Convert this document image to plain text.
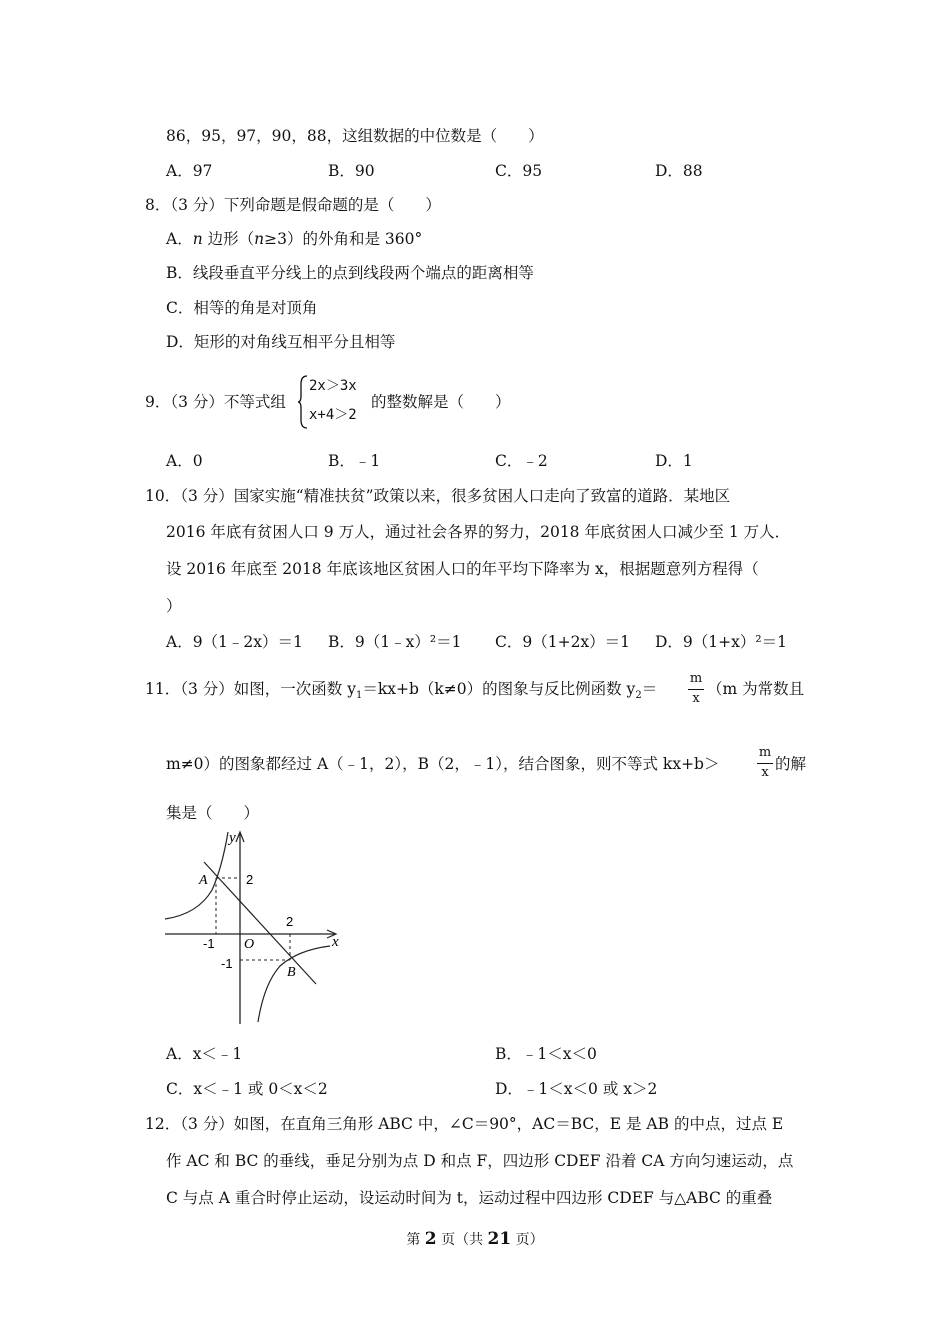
86，95，97，90，88，这组数据的中位数是（　　）
A．97	B．90	C．95	D．88
8．（3 分）下列命题是假命题的是（　　）
A．n 边形（n≥3）的外角和是 360°
B．线段垂直平分线上的点到线段两个端点的距离相等
C．相等的角是对顶角
D．矩形的对角线互相平分且相等
9．（3 分）不等式组
2x＞3x
x+4＞2
的整数解是（　　）
A．0	B．﹣1	C．﹣2	D．1
10．（3 分）国家实施“精准扶贫”政策以来，很多贫困人口走向了致富的道路．某地区
2016 年底有贫困人口 9 万人，通过社会各界的努力，2018 年底贫困人口减少至 1 万人．
设 2016 年底至 2018 年底该地区贫困人口的年平均下降率为 x，根据题意列方程得（
）
A．9（1﹣2x）＝1 B．9（1﹣x）²＝1 C．9（1+2x）＝1 D．9（1+x）²＝1
11．（3 分）如图，一次函数 $y_1=kx+b(k\ne 0)$的图象与反比例函数 $y_2=$
m
x
（m 为常数且
m≠0）的图象都经过 A（﹣1，2），B（2，﹣1），结合图象，则不等式 kx+b＞
m
x 的解
集是（　　）
y
x
O
A
B
2
2
-1
-1
A．x＜﹣1	B．﹣1＜x＜0
C．x＜﹣1 或 0＜x＜2	D．﹣1＜x＜0 或 x＞2
12．（3 分）如图，在直角三角形 ABC 中，∠C＝90°，AC＝BC，E 是 AB 的中点，过点 E
作 AC 和 BC 的垂线，垂足分别为点 D 和点 F，四边形 CDEF 沿着 CA 方向匀速运动，点
C 与点 A 重合时停止运动，设运动时间为 t，运动过程中四边形 CDEF 与△ABC 的重叠
第 2 页（共 21 页）
